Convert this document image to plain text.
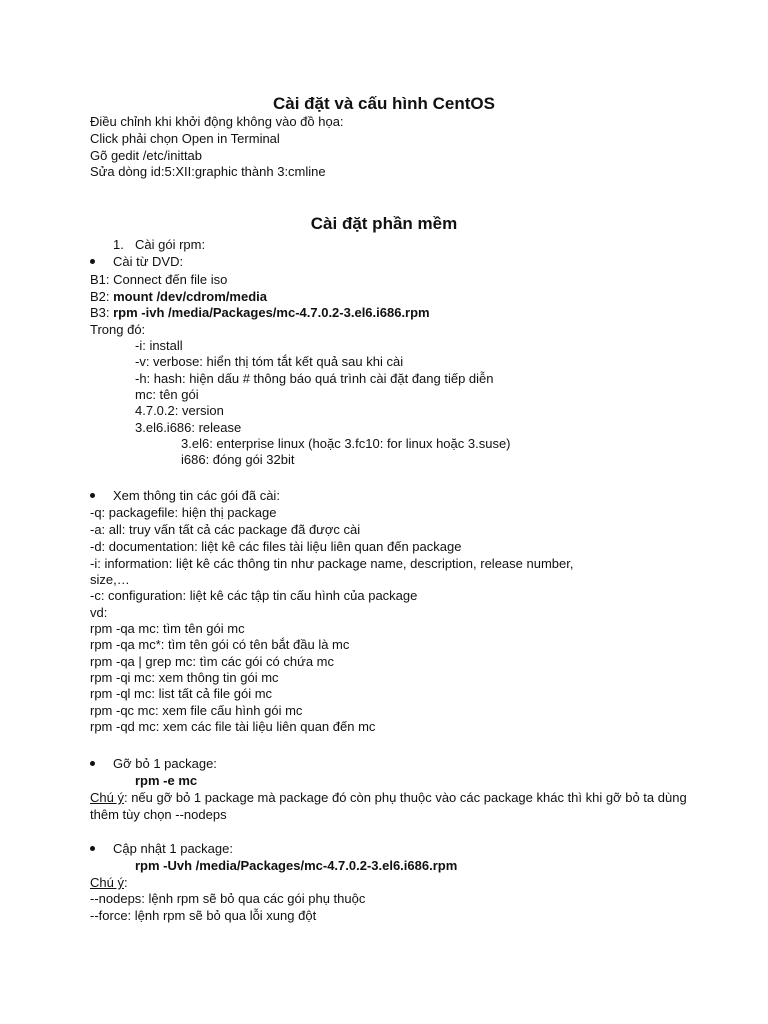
Cài đặt và cấu hình CentOS
Điều chỉnh khi khởi động không vào đồ họa:
Click phải chọn Open in Terminal
Gõ gedit /etc/inittab
Sửa dòng id:5:XII:graphic thành 3:cmline
Cài đặt phần mềm
1. Cài gói rpm:
Cài từ DVD:
B1: Connect đến file iso
B2: mount /dev/cdrom/media
B3: rpm -ivh /media/Packages/mc-4.7.0.2-3.el6.i686.rpm
Trong đó:
-i: install
-v: verbose: hiển thị tóm tắt kết quả sau khi cài
-h: hash: hiện dấu # thông báo quá trình cài đặt đang tiếp diễn
mc: tên gói
4.7.0.2: version
3.el6.i686: release
3.el6: enterprise linux (hoặc 3.fc10: for linux hoặc 3.suse)
i686: đóng gói 32bit
Xem thông tin các gói đã cài:
-q: packagefile: hiện thị package
-a: all: truy vấn tất cả các package đã được cài
-d: documentation: liệt kê các files tài liệu liên quan đến package
-i: information: liệt kê các thông tin như package name, description, release number,
size,…
-c: configuration: liệt kê các tập tin cấu hình của package
vd:
rpm -qa mc: tìm tên gói mc
rpm -qa mc*: tìm tên gói có tên bắt đầu là mc
rpm -qa | grep mc: tìm các gói có chứa mc
rpm -qi mc: xem thông tin gói mc
rpm -ql mc: list tất cả file gói mc
rpm -qc mc: xem file cấu hình gói mc
rpm -qd mc: xem các file tài liệu liên quan đến mc
Gỡ bỏ 1 package:
rpm -e mc
Chú ý: nếu gỡ bỏ 1 package mà package đó còn phụ thuộc vào các package khác thì khi gỡ bỏ ta dùng thêm tùy chọn --nodeps
Cập nhật 1 package:
rpm -Uvh /media/Packages/mc-4.7.0.2-3.el6.i686.rpm
Chú ý:
--nodeps: lệnh rpm sẽ bỏ qua các gói phụ thuộc
--force: lệnh rpm sẽ bỏ qua lỗi xung đột
